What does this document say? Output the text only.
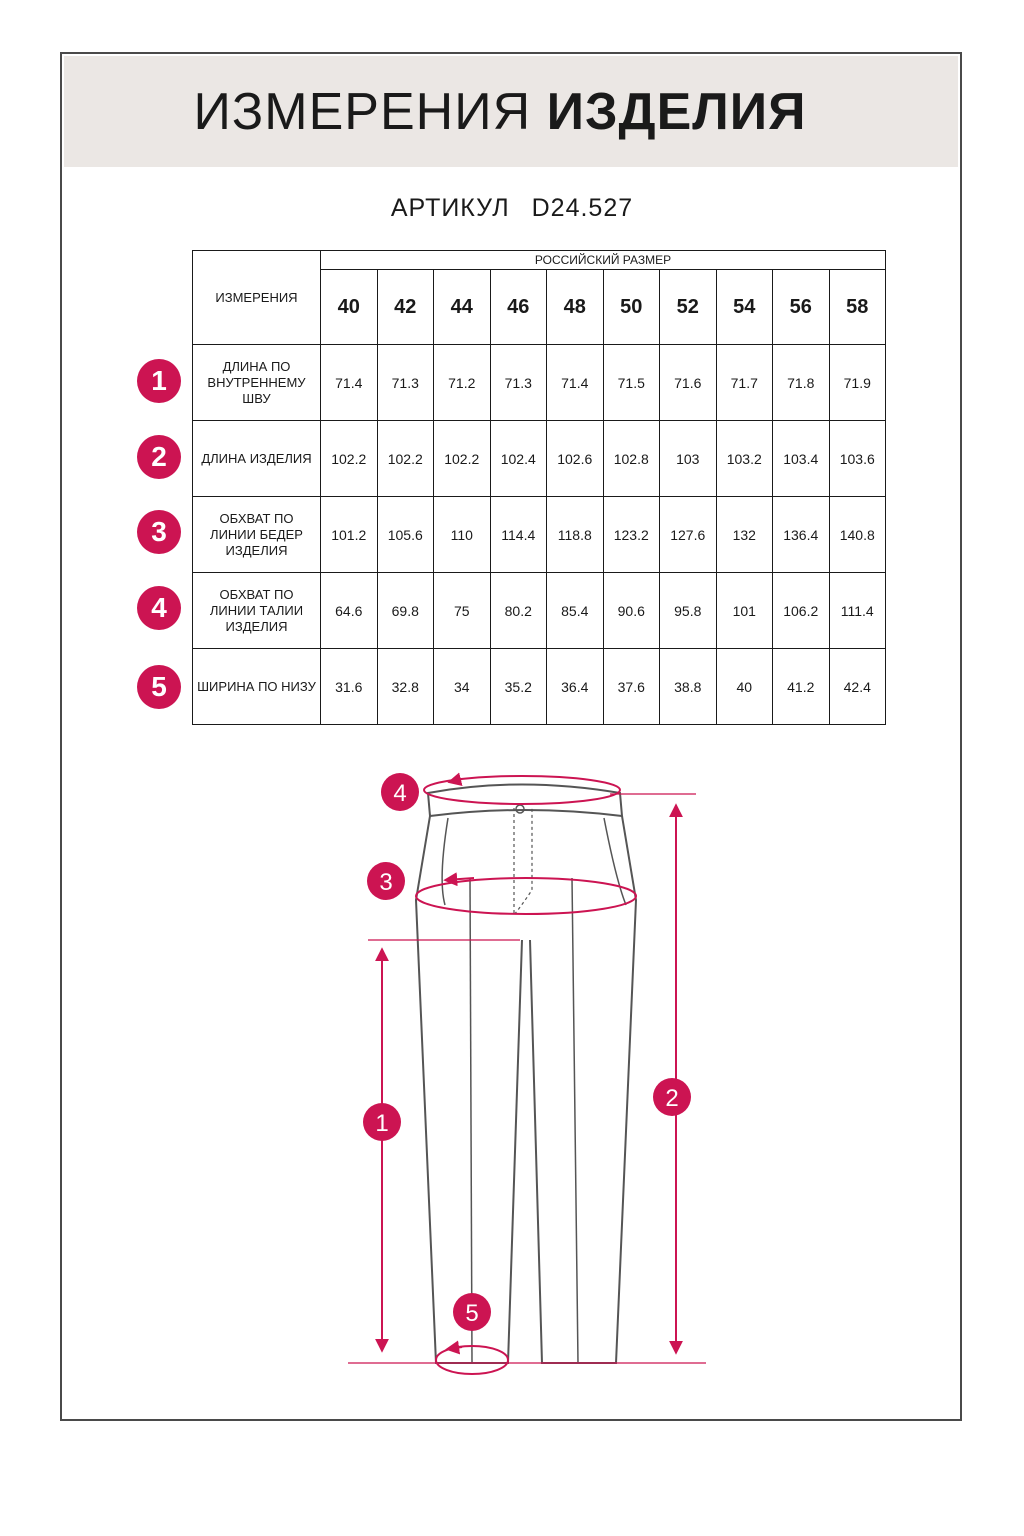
ИЗМЕРЕНИЯ ИЗДЕЛИЯ
АРТИКУЛ D24.527
ИЗМЕРЕНИЯ	РОССИЙСКИЙ РАЗМЕР									
	40	42	44	46	48	50	52	54	56	58
ДЛИНА ПО ВНУТРЕННЕМУ ШВУ	71.4	71.3	71.2	71.3	71.4	71.5	71.6	71.7	71.8	71.9
ДЛИНА ИЗДЕЛИЯ	102.2	102.2	102.2	102.4	102.6	102.8	103	103.2	103.4	103.6
ОБХВАТ ПО ЛИНИИ БЕДЕР ИЗДЕЛИЯ	101.2	105.6	110	114.4	118.8	123.2	127.6	132	136.4	140.8
ОБХВАТ ПО ЛИНИИ ТАЛИИ ИЗДЕЛИЯ	64.6	69.8	75	80.2	85.4	90.6	95.8	101	106.2	111.4
ШИРИНА ПО НИЗУ	31.6	32.8	34	35.2	36.4	37.6	38.8	40	41.2	42.4
1
2
3
4
5
4
3
1
2
5
